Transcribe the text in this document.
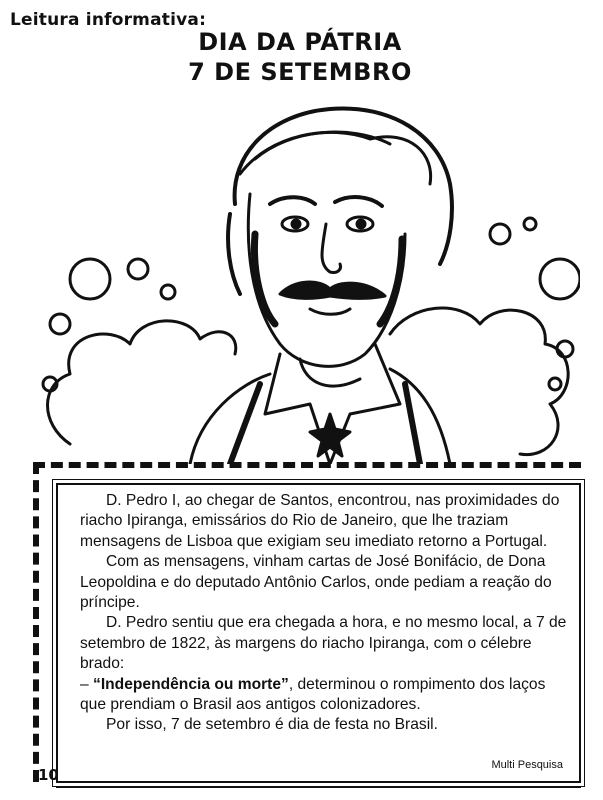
Leitura informativa:
DIA DA PÁTRIA
7 DE SETEMBRO

D. Pedro I, ao chegar de Santos, encontrou, nas proximidades do riacho Ipiranga, emissários do Rio de Janeiro, que lhe traziam mensagens de Lisboa que exigiam seu imediato retorno a Portugal.

Com as mensagens, vinham cartas de José Bonifácio, de Dona Leopoldina e do deputado Antônio Carlos, onde pediam a reação do príncipe.

D. Pedro sentiu que era chegada a hora, e no mesmo local, a 7 de setembro de 1822, às margens do riacho Ipiranga, com o célebre brado:

– “Independência ou morte”, determinou o rompimento dos laços que prendiam o Brasil aos antigos colonizadores.

Por isso, 7 de setembro é dia de festa no Brasil.

Multi Pesquisa
10
